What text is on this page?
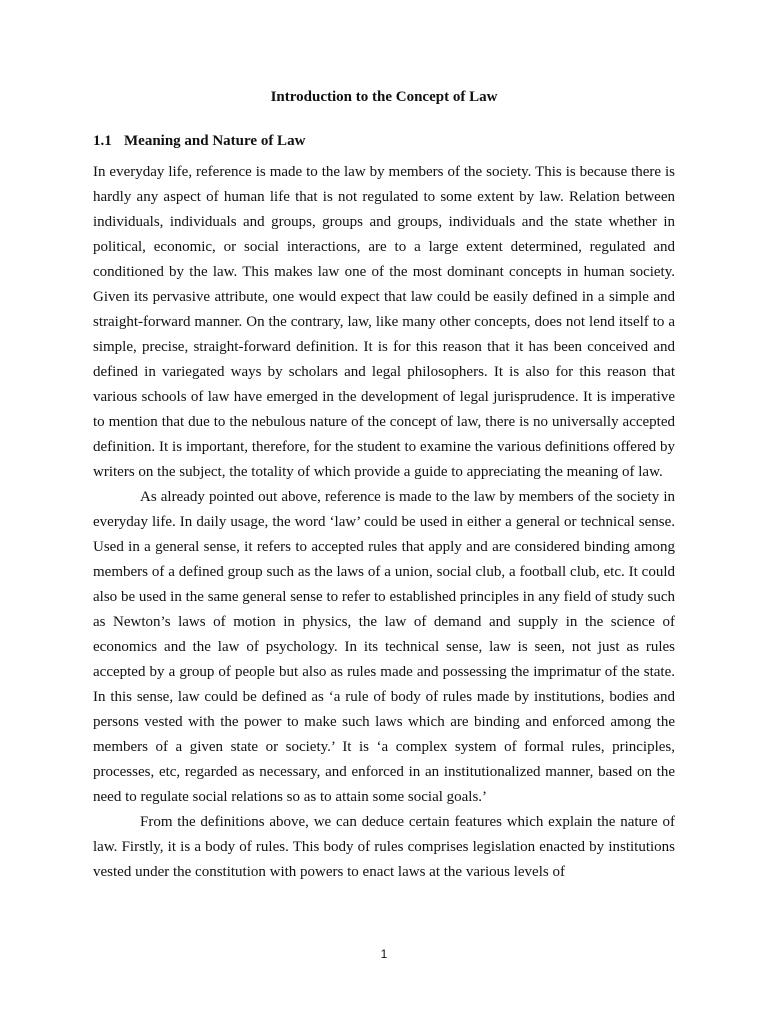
Introduction to the Concept of Law
1.1 Meaning and Nature of Law

In everyday life, reference is made to the law by members of the society. This is because there is hardly any aspect of human life that is not regulated to some extent by law. Relation between individuals, individuals and groups, groups and groups, individuals and the state whether in political, economic, or social interactions, are to a large extent determined, regulated and conditioned by the law. This makes law one of the most dominant concepts in human society. Given its pervasive attribute, one would expect that law could be easily defined in a simple and straight-forward manner. On the contrary, law, like many other concepts, does not lend itself to a simple, precise, straight-forward definition. It is for this reason that it has been conceived and defined in variegated ways by scholars and legal philosophers. It is also for this reason that various schools of law have emerged in the development of legal jurisprudence. It is imperative to mention that due to the nebulous nature of the concept of law, there is no universally accepted definition. It is important, therefore, for the student to examine the various definitions offered by writers on the subject, the totality of which provide a guide to appreciating the meaning of law.

As already pointed out above, reference is made to the law by members of the society in everyday life. In daily usage, the word ‘law’ could be used in either a general or technical sense. Used in a general sense, it refers to accepted rules that apply and are considered binding among members of a defined group such as the laws of a union, social club, a football club, etc. It could also be used in the same general sense to refer to established principles in any field of study such as Newton’s laws of motion in physics, the law of demand and supply in the science of economics and the law of psychology. In its technical sense, law is seen, not just as rules accepted by a group of people but also as rules made and possessing the imprimatur of the state. In this sense, law could be defined as ‘a rule of body of rules made by institutions, bodies and persons vested with the power to make such laws which are binding and enforced among the members of a given state or society.’ It is ‘a complex system of formal rules, principles, processes, etc, regarded as necessary, and enforced in an institutionalized manner, based on the need to regulate social relations so as to attain some social goals.’

From the definitions above, we can deduce certain features which explain the nature of law. Firstly, it is a body of rules. This body of rules comprises legislation enacted by institutions vested under the constitution with powers to enact laws at the various levels of

1
